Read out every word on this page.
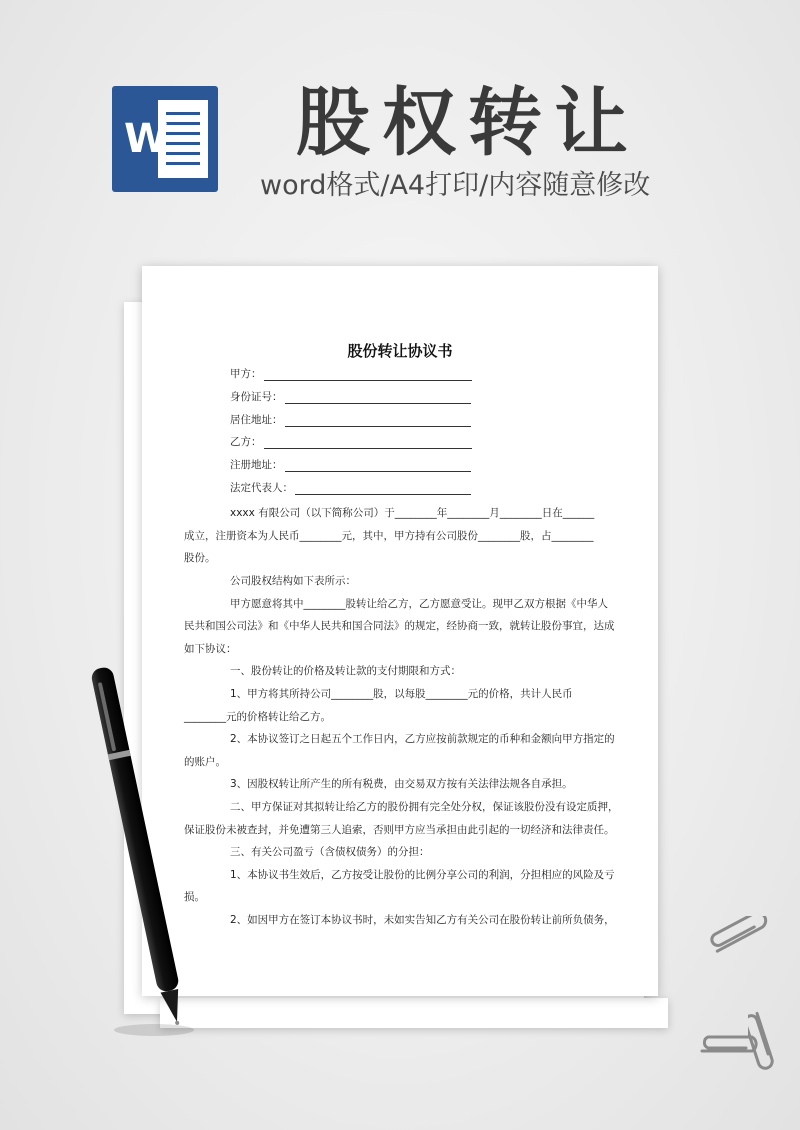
W 股权转让
word格式/A4打印/内容随意修改
股份转让协议书
甲方：
身份证号：
居住地址：
乙方：
注册地址：
法定代表人：
xxxx 有限公司（以下简称公司）于________年________月________日在______
成立，注册资本为人民币________元，其中，甲方持有公司股份________股，占________
股份。
公司股权结构如下表所示：
甲方愿意将其中________股转让给乙方，乙方愿意受让。现甲乙双方根据《中华人
民共和国公司法》和《中华人民共和国合同法》的规定，经协商一致，就转让股份事宜，达成
如下协议：
一、股份转让的价格及转让款的支付期限和方式：
1、甲方将其所持公司________股，以每股________元的价格，共计人民币
________元的价格转让给乙方。
2、本协议签订之日起五个工作日内，乙方应按前款规定的币种和金额向甲方指定的
的账户。
3、因股权转让所产生的所有税费，由交易双方按有关法律法规各自承担。
二、甲方保证对其拟转让给乙方的股份拥有完全处分权，保证该股份没有设定质押，
保证股份未被查封，并免遭第三人追索，否则甲方应当承担由此引起的一切经济和法律责任。
三、有关公司盈亏（含债权债务）的分担：
1、本协议书生效后，乙方按受让股份的比例分享公司的利润，分担相应的风险及亏
损。
2、如因甲方在签订本协议书时，未如实告知乙方有关公司在股份转让前所负债务，
